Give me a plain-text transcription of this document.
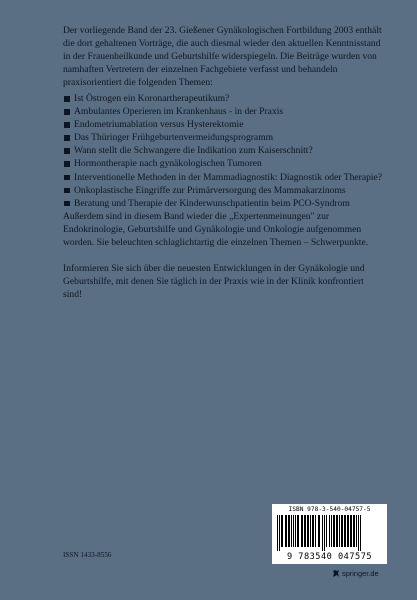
Der vorliegende Band der 23. Gießener Gynäkologischen Fortbildung 2003 enthält die dort gehaltenen Vorträge, die auch diesmal wieder den aktuellen Kenntnisstand in der Frauenheilkunde und Geburtshilfe widerspiegeln. Die Beiträge wurden von namhaften Vertretern der einzelnen Fachgebiete verfasst und behandeln praxisorientiert die folgenden Themen:

Ist Östrogen ein Koronartherapeutikum?
Ambulantes Operieren im Krankenhaus - in der Praxis
Endometriumablation versus Hysterektomie
Das Thüringer Frühgeburtenvermeidungsprogramm
Wann stellt die Schwangere die Indikation zum Kaiserschnitt?
Hormontherapie nach gynäkologischen Tumoren
Interventionelle Methoden in der Mammadiagnostik: Diagnostik oder Therapie?
Onkoplastische Eingriffe zur Primärversorgung des Mammakarzinoms
Beratung und Therapie der Kinderwunschpatientin beim PCO-Syndrom

Außerdem sind in diesem Band wieder die „Expertenmeinungen" zur Endokrinologie, Geburtshilfe und Gynäkologie und Onkologie aufgenommen worden. Sie beleuchten schlaglichtartig die einzelnen Themen – Schwerpunkte.

Informieren Sie sich über die neuesten Entwicklungen in der Gynäkologie und Geburtshilfe, mit denen Sie täglich in der Praxis wie in der Klinik konfrontiert sind!

ISSN 1433-8556
ISBN 978-3-540-04757-5
9 783540 047575
springer.de
